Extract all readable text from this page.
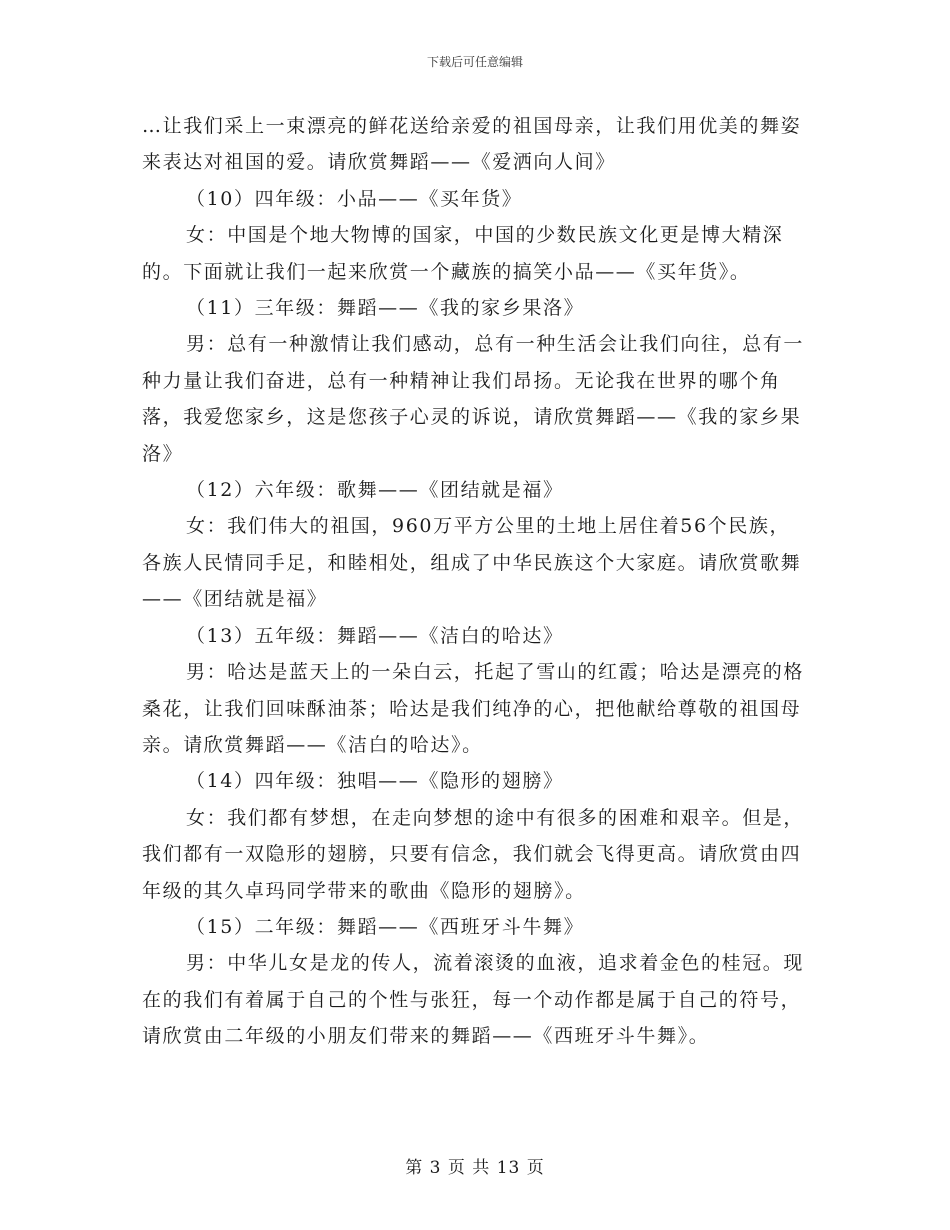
下载后可任意编辑

…让我们采上一束漂亮的鲜花送给亲爱的祖国母亲，让我们用优美的舞姿来表达对祖国的爱。请欣赏舞蹈——《爱洒向人间》

（10）四年级：小品——《买年货》

女：中国是个地大物博的国家，中国的少数民族文化更是博大精深的。下面就让我们一起来欣赏一个藏族的搞笑小品——《买年货》。

（11）三年级：舞蹈——《我的家乡果洛》

男：总有一种激情让我们感动，总有一种生活会让我们向往，总有一种力量让我们奋进，总有一种精神让我们昂扬。无论我在世界的哪个角落，我爱您家乡，这是您孩子心灵的诉说，请欣赏舞蹈——《我的家乡果洛》

（12）六年级：歌舞——《团结就是福》

女：我们伟大的祖国，960万平方公里的土地上居住着56个民族，各族人民情同手足，和睦相处，组成了中华民族这个大家庭。请欣赏歌舞——《团结就是福》

（13）五年级：舞蹈——《洁白的哈达》

男：哈达是蓝天上的一朵白云，托起了雪山的红霞；哈达是漂亮的格桑花，让我们回味酥油茶；哈达是我们纯净的心，把他献给尊敬的祖国母亲。请欣赏舞蹈——《洁白的哈达》。

（14）四年级：独唱——《隐形的翅膀》

女：我们都有梦想，在走向梦想的途中有很多的困难和艰辛。但是，我们都有一双隐形的翅膀，只要有信念，我们就会飞得更高。请欣赏由四年级的其久卓玛同学带来的歌曲《隐形的翅膀》。

（15）二年级：舞蹈——《西班牙斗牛舞》

男：中华儿女是龙的传人，流着滚烫的血液，追求着金色的桂冠。现在的我们有着属于自己的个性与张狂，每一个动作都是属于自己的符号，请欣赏由二年级的小朋友们带来的舞蹈——《西班牙斗牛舞》。

第 3 页 共 13 页
